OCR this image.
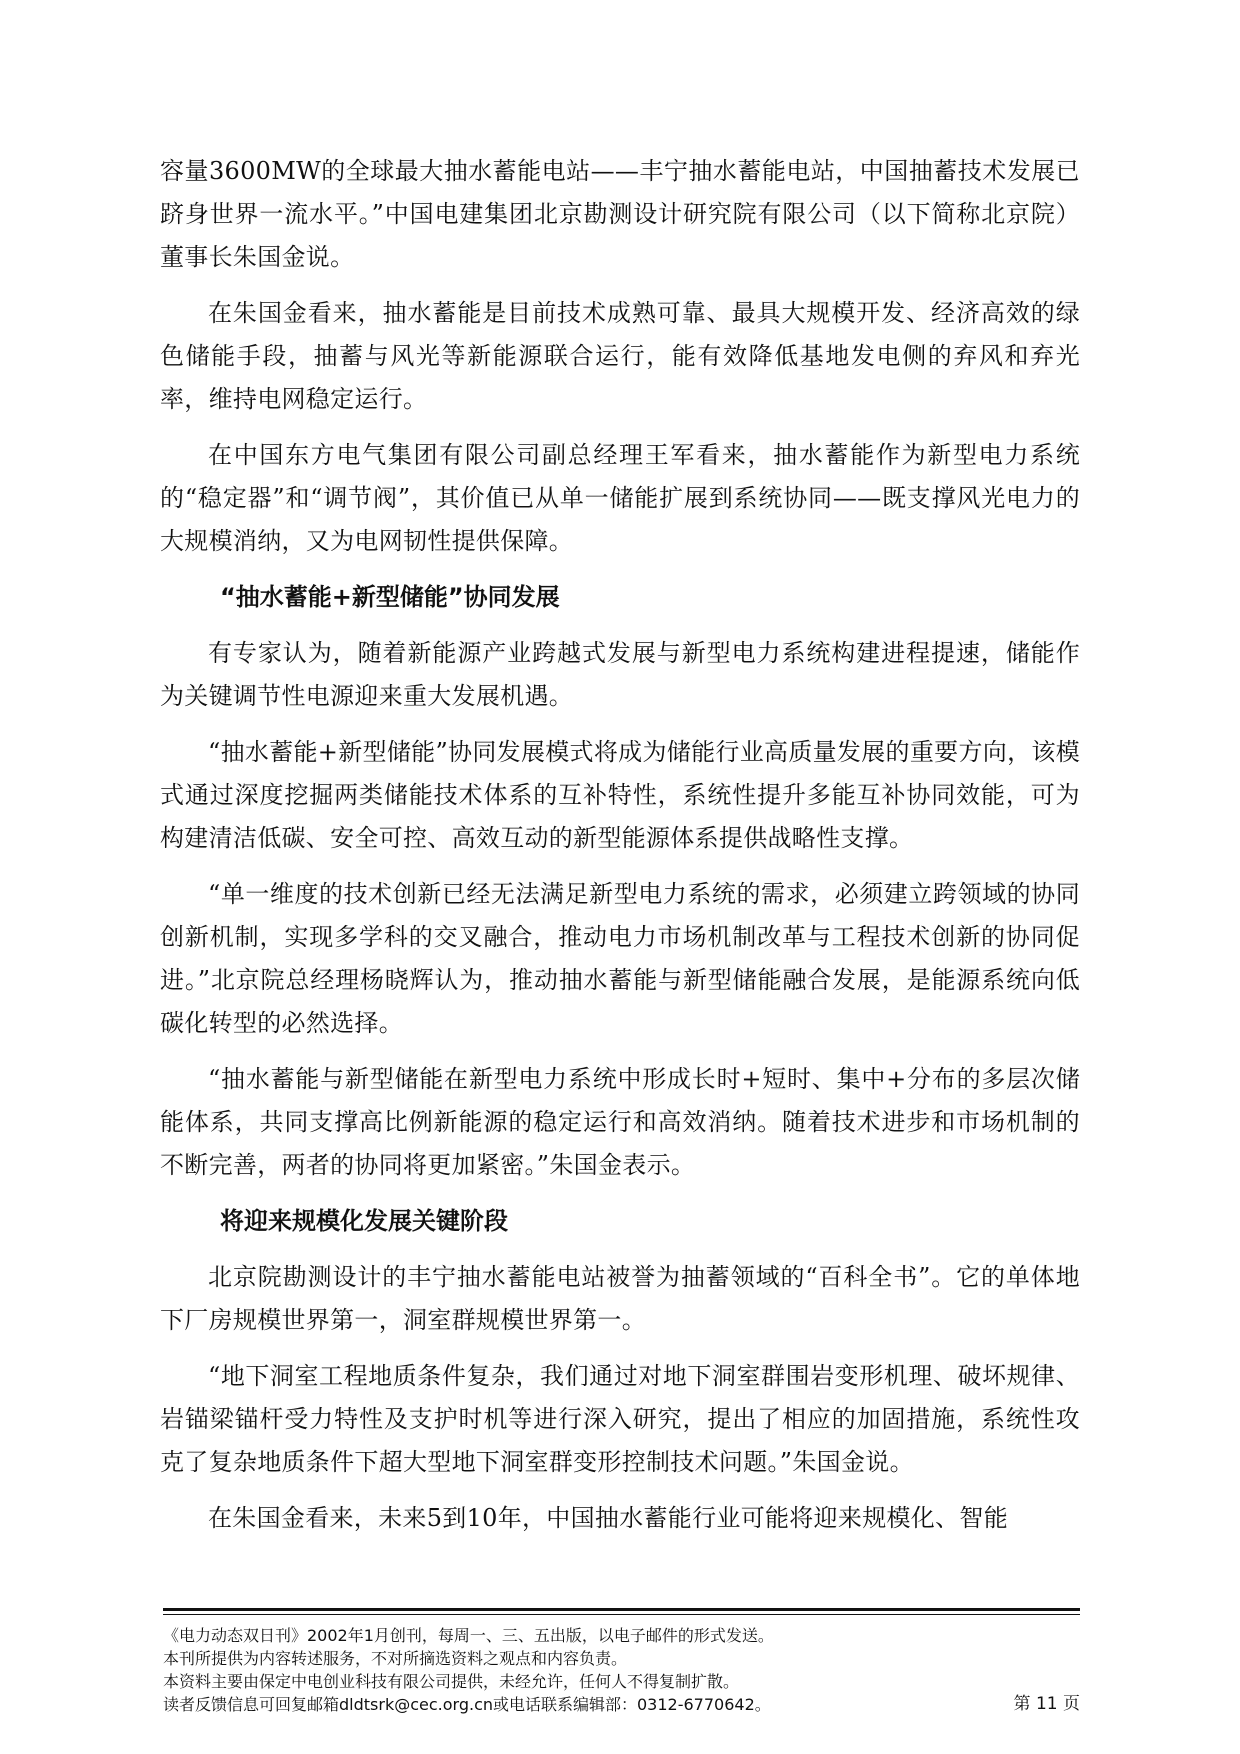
容量3600MW的全球最大抽水蓄能电站——丰宁抽水蓄能电站，中国抽蓄技术发展已跻身世界一流水平。”中国电建集团北京勘测设计研究院有限公司（以下简称北京院）董事长朱国金说。

在朱国金看来，抽水蓄能是目前技术成熟可靠、最具大规模开发、经济高效的绿色储能手段，抽蓄与风光等新能源联合运行，能有效降低基地发电侧的弃风和弃光率，维持电网稳定运行。

在中国东方电气集团有限公司副总经理王军看来，抽水蓄能作为新型电力系统的“稳定器”和“调节阀”，其价值已从单一储能扩展到系统协同——既支撑风光电力的大规模消纳，又为电网韧性提供保障。

“抽水蓄能+新型储能”协同发展

有专家认为，随着新能源产业跨越式发展与新型电力系统构建进程提速，储能作为关键调节性电源迎来重大发展机遇。

“抽水蓄能+新型储能”协同发展模式将成为储能行业高质量发展的重要方向，该模式通过深度挖掘两类储能技术体系的互补特性，系统性提升多能互补协同效能，可为构建清洁低碳、安全可控、高效互动的新型能源体系提供战略性支撑。

“单一维度的技术创新已经无法满足新型电力系统的需求，必须建立跨领域的协同创新机制，实现多学科的交叉融合，推动电力市场机制改革与工程技术创新的协同促进。”北京院总经理杨晓辉认为，推动抽水蓄能与新型储能融合发展，是能源系统向低碳化转型的必然选择。

“抽水蓄能与新型储能在新型电力系统中形成长时+短时、集中+分布的多层次储能体系，共同支撑高比例新能源的稳定运行和高效消纳。随着技术进步和市场机制的不断完善，两者的协同将更加紧密。”朱国金表示。

将迎来规模化发展关键阶段

北京院勘测设计的丰宁抽水蓄能电站被誉为抽蓄领域的“百科全书”。它的单体地下厂房规模世界第一，洞室群规模世界第一。

“地下洞室工程地质条件复杂，我们通过对地下洞室群围岩变形机理、破坏规律、岩锚梁锚杆受力特性及支护时机等进行深入研究，提出了相应的加固措施，系统性攻克了复杂地质条件下超大型地下洞室群变形控制技术问题。”朱国金说。

在朱国金看来，未来5到10年，中国抽水蓄能行业可能将迎来规模化、智能

《电力动态双日刊》2002年1月创刊，每周一、三、五出版，以电子邮件的形式发送。
本刊所提供为内容转述服务，不对所摘选资料之观点和内容负责。
本资料主要由保定中电创业科技有限公司提供，未经允许，任何人不得复制扩散。
读者反馈信息可回复邮箱dldtsrk@cec.org.cn或电话联系编辑部：0312-6770642。	第 11 页
